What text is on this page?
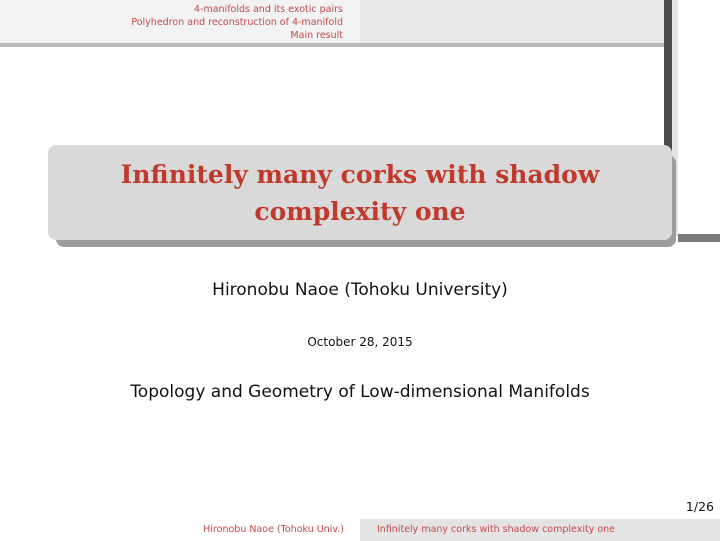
4-manifolds and its exotic pairs
Polyhedron and reconstruction of 4-manifold
Main result
Infinitely many corks with shadow complexity one
Hironobu Naoe (Tohoku University)
October 28, 2015
Topology and Geometry of Low-dimensional Manifolds
1/26
Hironobu Naoe (Tohoku Univ.)	Infinitely many corks with shadow complexity one
